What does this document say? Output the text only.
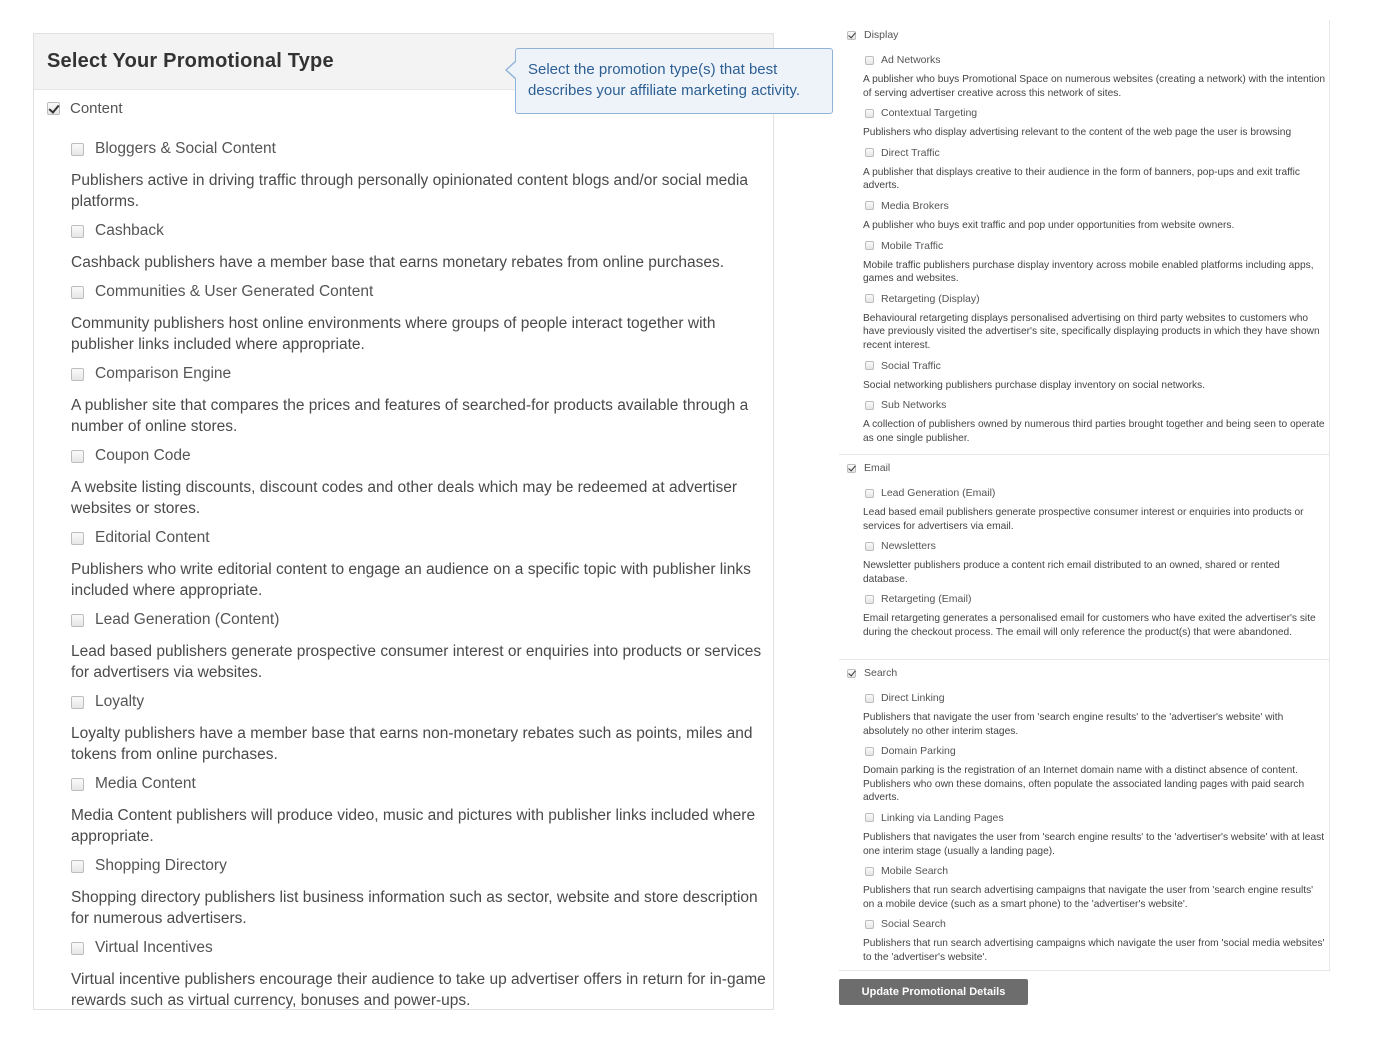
Select Your Promotional Type
Content
Bloggers & Social Content
Publishers active in driving traffic through personally opinionated content blogs and/or social media platforms.
Cashback
Cashback publishers have a member base that earns monetary rebates from online purchases.
Communities & User Generated Content
Community publishers host online environments where groups of people interact together with publisher links included where appropriate.
Comparison Engine
A publisher site that compares the prices and features of searched-for products available through a number of online stores.
Coupon Code
A website listing discounts, discount codes and other deals which may be redeemed at advertiser websites or stores.
Editorial Content
Publishers who write editorial content to engage an audience on a specific topic with publisher links included where appropriate.
Lead Generation (Content)
Lead based publishers generate prospective consumer interest or enquiries into products or services for advertisers via websites.
Loyalty
Loyalty publishers have a member base that earns non-monetary rebates such as points, miles and tokens from online purchases.
Media Content
Media Content publishers will produce video, music and pictures with publisher links included where appropriate.
Shopping Directory
Shopping directory publishers list business information such as sector, website and store description for numerous advertisers.
Virtual Incentives
Virtual incentive publishers encourage their audience to take up advertiser offers in return for in-game rewards such as virtual currency, bonuses and power-ups.
Select the promotion type(s) that best describes your affiliate marketing activity.
Display
Ad Networks
A publisher who buys Promotional Space on numerous websites (creating a network) with the intention of serving advertiser creative across this network of sites.
Contextual Targeting
Publishers who display advertising relevant to the content of the web page the user is browsing
Direct Traffic
A publisher that displays creative to their audience in the form of banners, pop-ups and exit traffic adverts.
Media Brokers
A publisher who buys exit traffic and pop under opportunities from website owners.
Mobile Traffic
Mobile traffic publishers purchase display inventory across mobile enabled platforms including apps, games and websites.
Retargeting (Display)
Behavioural retargeting displays personalised advertising on third party websites to customers who have previously visited the advertiser's site, specifically displaying products in which they have shown recent interest.
Social Traffic
Social networking publishers purchase display inventory on social networks.
Sub Networks
A collection of publishers owned by numerous third parties brought together and being seen to operate as one single publisher.
Email
Lead Generation (Email)
Lead based email publishers generate prospective consumer interest or enquiries into products or services for advertisers via email.
Newsletters
Newsletter publishers produce a content rich email distributed to an owned, shared or rented database.
Retargeting (Email)
Email retargeting generates a personalised email for customers who have exited the advertiser's site during the checkout process. The email will only reference the product(s) that were abandoned.
Search
Direct Linking
Publishers that navigate the user from 'search engine results' to the 'advertiser's website' with absolutely no other interim stages.
Domain Parking
Domain parking is the registration of an Internet domain name with a distinct absence of content. Publishers who own these domains, often populate the associated landing pages with paid search adverts.
Linking via Landing Pages
Publishers that navigates the user from 'search engine results' to the 'advertiser's website' with at least one interim stage (usually a landing page).
Mobile Search
Publishers that run search advertising campaigns that navigate the user from 'search engine results' on a mobile device (such as a smart phone) to the 'advertiser's website'.
Social Search
Publishers that run search advertising campaigns which navigate the user from 'social media websites' to the 'advertiser's website'.
Update Promotional Details
